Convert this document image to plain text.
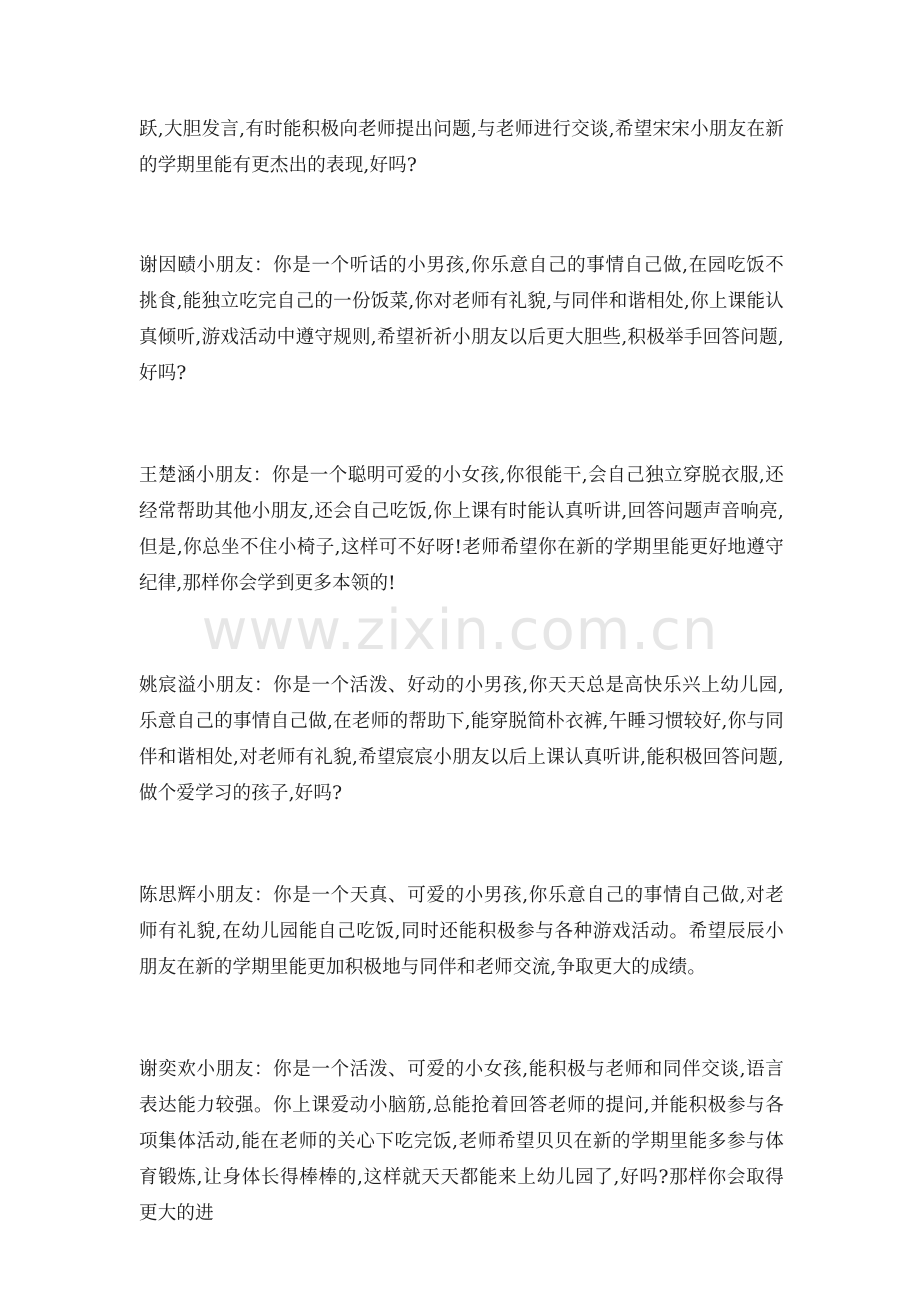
跃,大胆发言,有时能积极向老师提出问题,与老师进行交谈,希望宋宋小朋友在新的学期里能有更杰出的表现,好吗?

谢因赜小朋友：你是一个听话的小男孩,你乐意自己的事情自己做,在园吃饭不挑食,能独立吃完自己的一份饭菜,你对老师有礼貌,与同伴和谐相处,你上课能认真倾听,游戏活动中遵守规则,希望祈祈小朋友以后更大胆些,积极举手回答问题,好吗?

王楚涵小朋友：你是一个聪明可爱的小女孩,你很能干,会自己独立穿脱衣服,还经常帮助其他小朋友,还会自己吃饭,你上课有时能认真听讲,回答问题声音响亮,但是,你总坐不住小椅子,这样可不好呀!老师希望你在新的学期里能更好地遵守纪律,那样你会学到更多本领的!

姚宸溢小朋友：你是一个活泼、好动的小男孩,你天天总是高快乐兴上幼儿园,乐意自己的事情自己做,在老师的帮助下,能穿脱简朴衣裤,午睡习惯较好,你与同伴和谐相处,对老师有礼貌,希望宸宸小朋友以后上课认真听讲,能积极回答问题,做个爱学习的孩子,好吗?

陈思辉小朋友：你是一个天真、可爱的小男孩,你乐意自己的事情自己做,对老师有礼貌,在幼儿园能自己吃饭,同时还能积极参与各种游戏活动。希望辰辰小朋友在新的学期里能更加积极地与同伴和老师交流,争取更大的成绩。

谢奕欢小朋友：你是一个活泼、可爱的小女孩,能积极与老师和同伴交谈,语言表达能力较强。你上课爱动小脑筋,总能抢着回答老师的提问,并能积极参与各项集体活动,能在老师的关心下吃完饭,老师希望贝贝在新的学期里能多参与体育锻炼,让身体长得棒棒的,这样就天天都能来上幼儿园了,好吗?那样你会取得更大的进

www.zixin.com.cn
